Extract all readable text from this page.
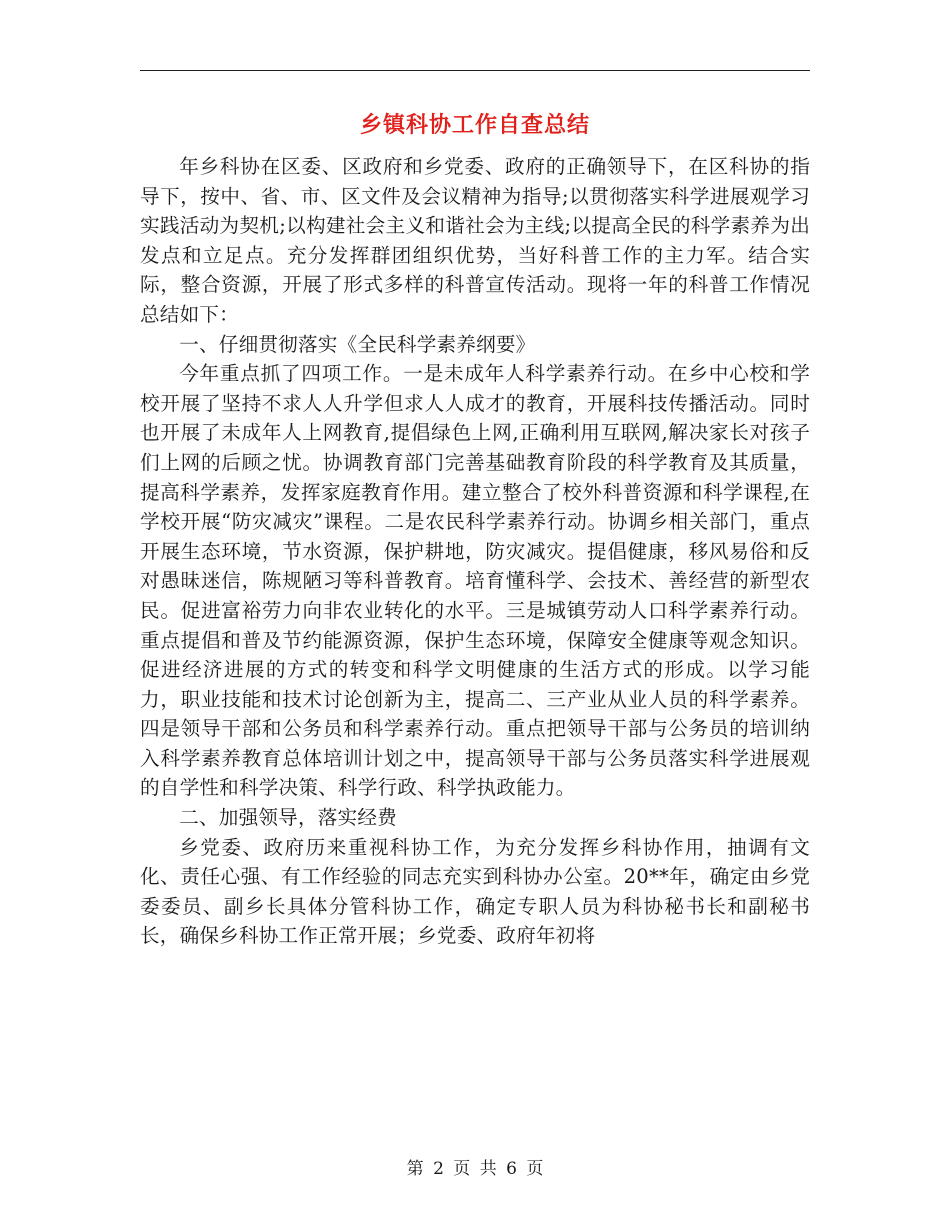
乡镇科协工作自查总结

年乡科协在区委、区政府和乡党委、政府的正确领导下，在区科协的指导下，按中、省、市、区文件及会议精神为指导;以贯彻落实科学进展观学习实践活动为契机;以构建社会主义和谐社会为主线;以提高全民的科学素养为出发点和立足点。充分发挥群团组织优势，当好科普工作的主力军。结合实际，整合资源，开展了形式多样的科普宣传活动。现将一年的科普工作情况总结如下：

一、仔细贯彻落实《全民科学素养纲要》

今年重点抓了四项工作。一是未成年人科学素养行动。在乡中心校和学校开展了坚持不求人人升学但求人人成才的教育，开展科技传播活动。同时也开展了未成年人上网教育,提倡绿色上网,正确利用互联网,解决家长对孩子们上网的后顾之忧。协调教育部门完善基础教育阶段的科学教育及其质量，提高科学素养，发挥家庭教育作用。建立整合了校外科普资源和科学课程,在学校开展“防灾减灾”课程。二是农民科学素养行动。协调乡相关部门，重点开展生态环境，节水资源，保护耕地，防灾减灾。提倡健康，移风易俗和反对愚昧迷信，陈规陋习等科普教育。培育懂科学、会技术、善经营的新型农民。促进富裕劳力向非农业转化的水平。三是城镇劳动人口科学素养行动。重点提倡和普及节约能源资源，保护生态环境，保障安全健康等观念知识。促进经济进展的方式的转变和科学文明健康的生活方式的形成。以学习能力，职业技能和技术讨论创新为主，提高二、三产业从业人员的科学素养。四是领导干部和公务员和科学素养行动。重点把领导干部与公务员的培训纳入科学素养教育总体培训计划之中，提高领导干部与公务员落实科学进展观的自学性和科学决策、科学行政、科学执政能力。

二、加强领导，落实经费

乡党委、政府历来重视科协工作，为充分发挥乡科协作用，抽调有文化、责任心强、有工作经验的同志充实到科协办公室。20**年，确定由乡党委委员、副乡长具体分管科协工作，确定专职人员为科协秘书长和副秘书长，确保乡科协工作正常开展；乡党委、政府年初将

第 2 页 共 6 页
